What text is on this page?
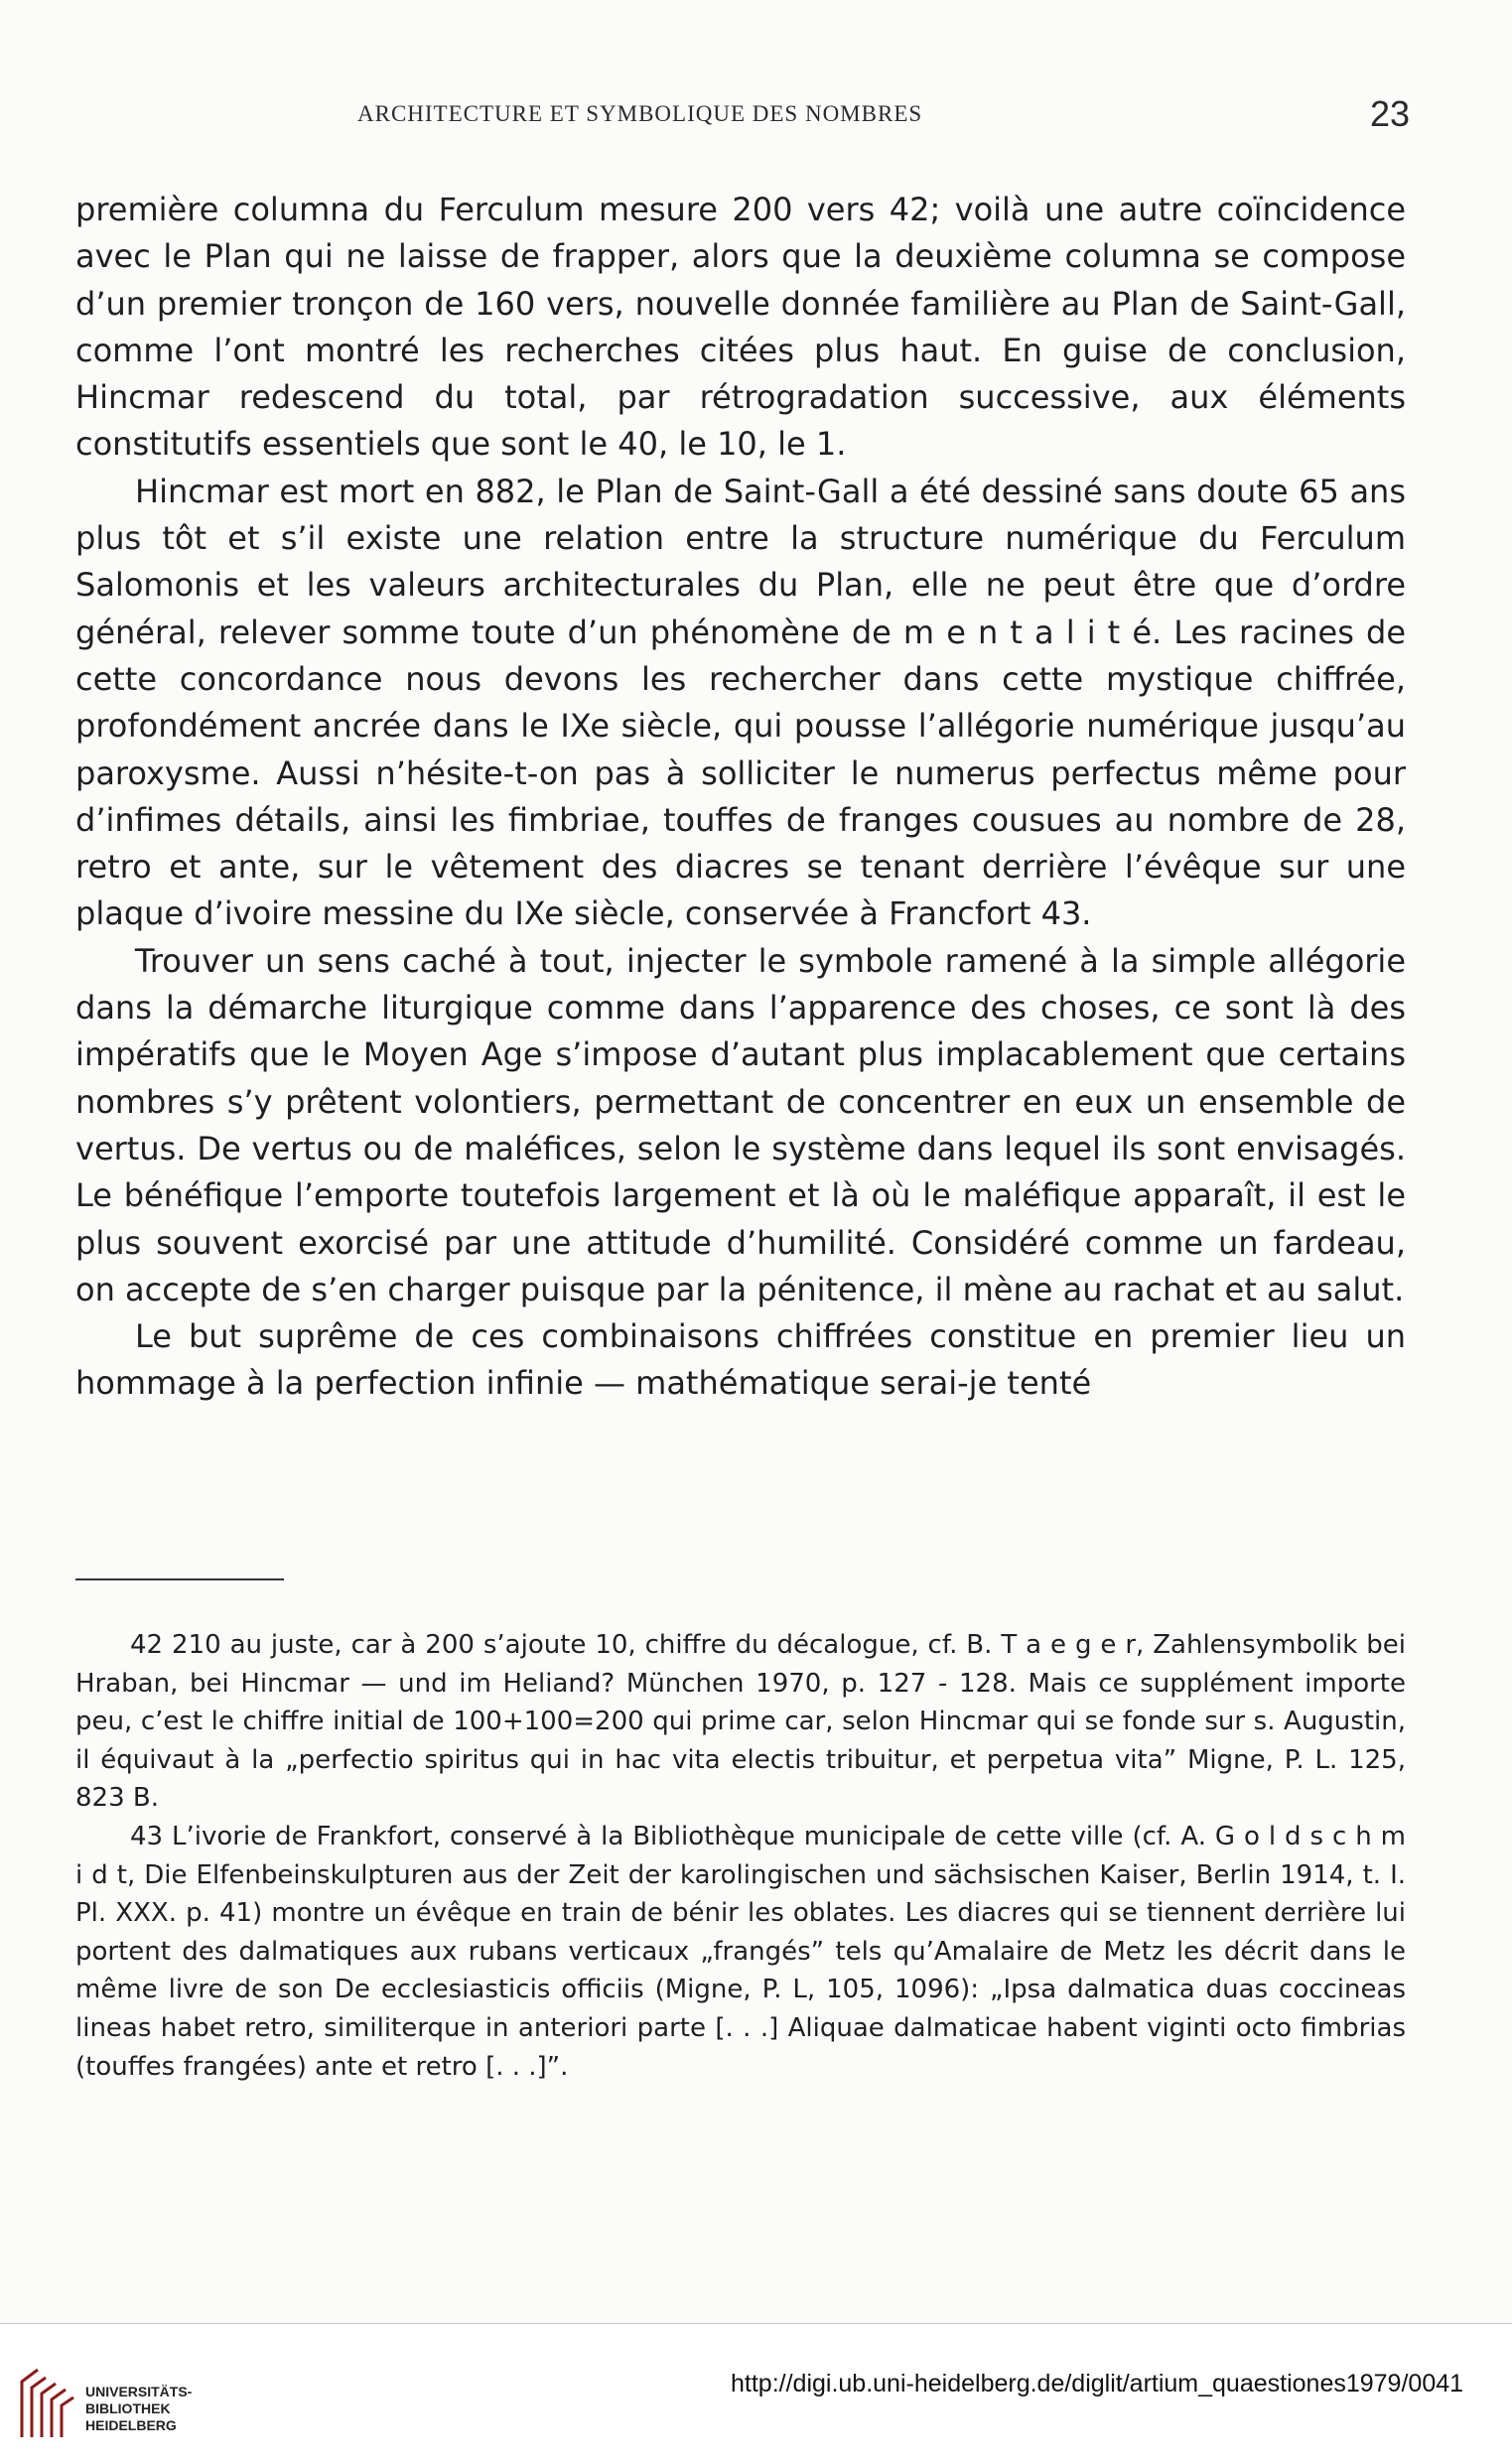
ARCHITECTURE ET SYMBOLIQUE DES NOMBRES	23

première columna du Ferculum mesure 200 vers 42; voilà une autre coïncidence avec le Plan qui ne laisse de frapper, alors que la deuxième columna se compose d’un premier tronçon de 160 vers, nouvelle donnée familière au Plan de Saint-Gall, comme l’ont montré les recherches citées plus haut. En guise de conclusion, Hincmar redescend du total, par rétrogradation successive, aux éléments constitutifs essentiels que sont le 40, le 10, le 1.

Hincmar est mort en 882, le Plan de Saint-Gall a été dessiné sans doute 65 ans plus tôt et s’il existe une relation entre la structure numérique du Ferculum Salomonis et les valeurs architecturales du Plan, elle ne peut être que d’ordre général, relever somme toute d’un phénomène de m e n t a l i t é. Les racines de cette concordance nous devons les rechercher dans cette mystique chiffrée, profondément ancrée dans le IXe siècle, qui pousse l’allégorie numérique jusqu’au paroxysme. Aussi n’hésite-t-on pas à solliciter le numerus perfectus même pour d’infimes détails, ainsi les fimbriae, touffes de franges cousues au nombre de 28, retro et ante, sur le vêtement des diacres se tenant derrière l’évêque sur une plaque d’ivoire messine du IXe siècle, conservée à Francfort 43.

Trouver un sens caché à tout, injecter le symbole ramené à la simple allégorie dans la démarche liturgique comme dans l’apparence des choses, ce sont là des impératifs que le Moyen Age s’impose d’autant plus implacablement que certains nombres s’y prêtent volontiers, permettant de concentrer en eux un ensemble de vertus. De vertus ou de maléfices, selon le système dans lequel ils sont envisagés. Le bénéfique l’emporte toutefois largement et là où le maléfique apparaît, il est le plus souvent exorcisé par une attitude d’humilité. Considéré comme un fardeau, on accepte de s’en charger puisque par la pénitence, il mène au rachat et au salut.

Le but suprême de ces combinaisons chiffrées constitue en premier lieu un hommage à la perfection infinie — mathématique serai-je tenté

42 210 au juste, car à 200 s’ajoute 10, chiffre du décalogue, cf. B. T a e g e r, Zahlensymbolik bei Hraban, bei Hincmar — und im Heliand? München 1970, p. 127 - 128. Mais ce supplément importe peu, c’est le chiffre initial de 100+100=200 qui prime car, selon Hincmar qui se fonde sur s. Augustin, il équivaut à la „perfectio spiritus qui in hac vita electis tribuitur, et perpetua vita” Migne, P. L. 125, 823 B.

43 L’ivorie de Frankfort, conservé à la Bibliothèque municipale de cette ville (cf. A. G o l d s c h m i d t, Die Elfenbeinskulpturen aus der Zeit der karolingischen und sächsischen Kaiser, Berlin 1914, t. I. Pl. XXX. p. 41) montre un évêque en train de bénir les oblates. Les diacres qui se tiennent derrière lui portent des dalmatiques aux rubans verticaux „frangés” tels qu’Amalaire de Metz les décrit dans le même livre de son De ecclesiasticis officiis (Migne, P. L, 105, 1096): „Ipsa dalmatica duas coccineas lineas habet retro, similiterque in anteriori parte [. . .] Aliquae dalmaticae habent viginti octo fimbrias (touffes frangées) ante et retro [. . .]”.

UNIVERSITÄTS-
BIBLIOTHEK
HEIDELBERG
http://digi.ub.uni-heidelberg.de/diglit/artium_quaestiones1979/0041
